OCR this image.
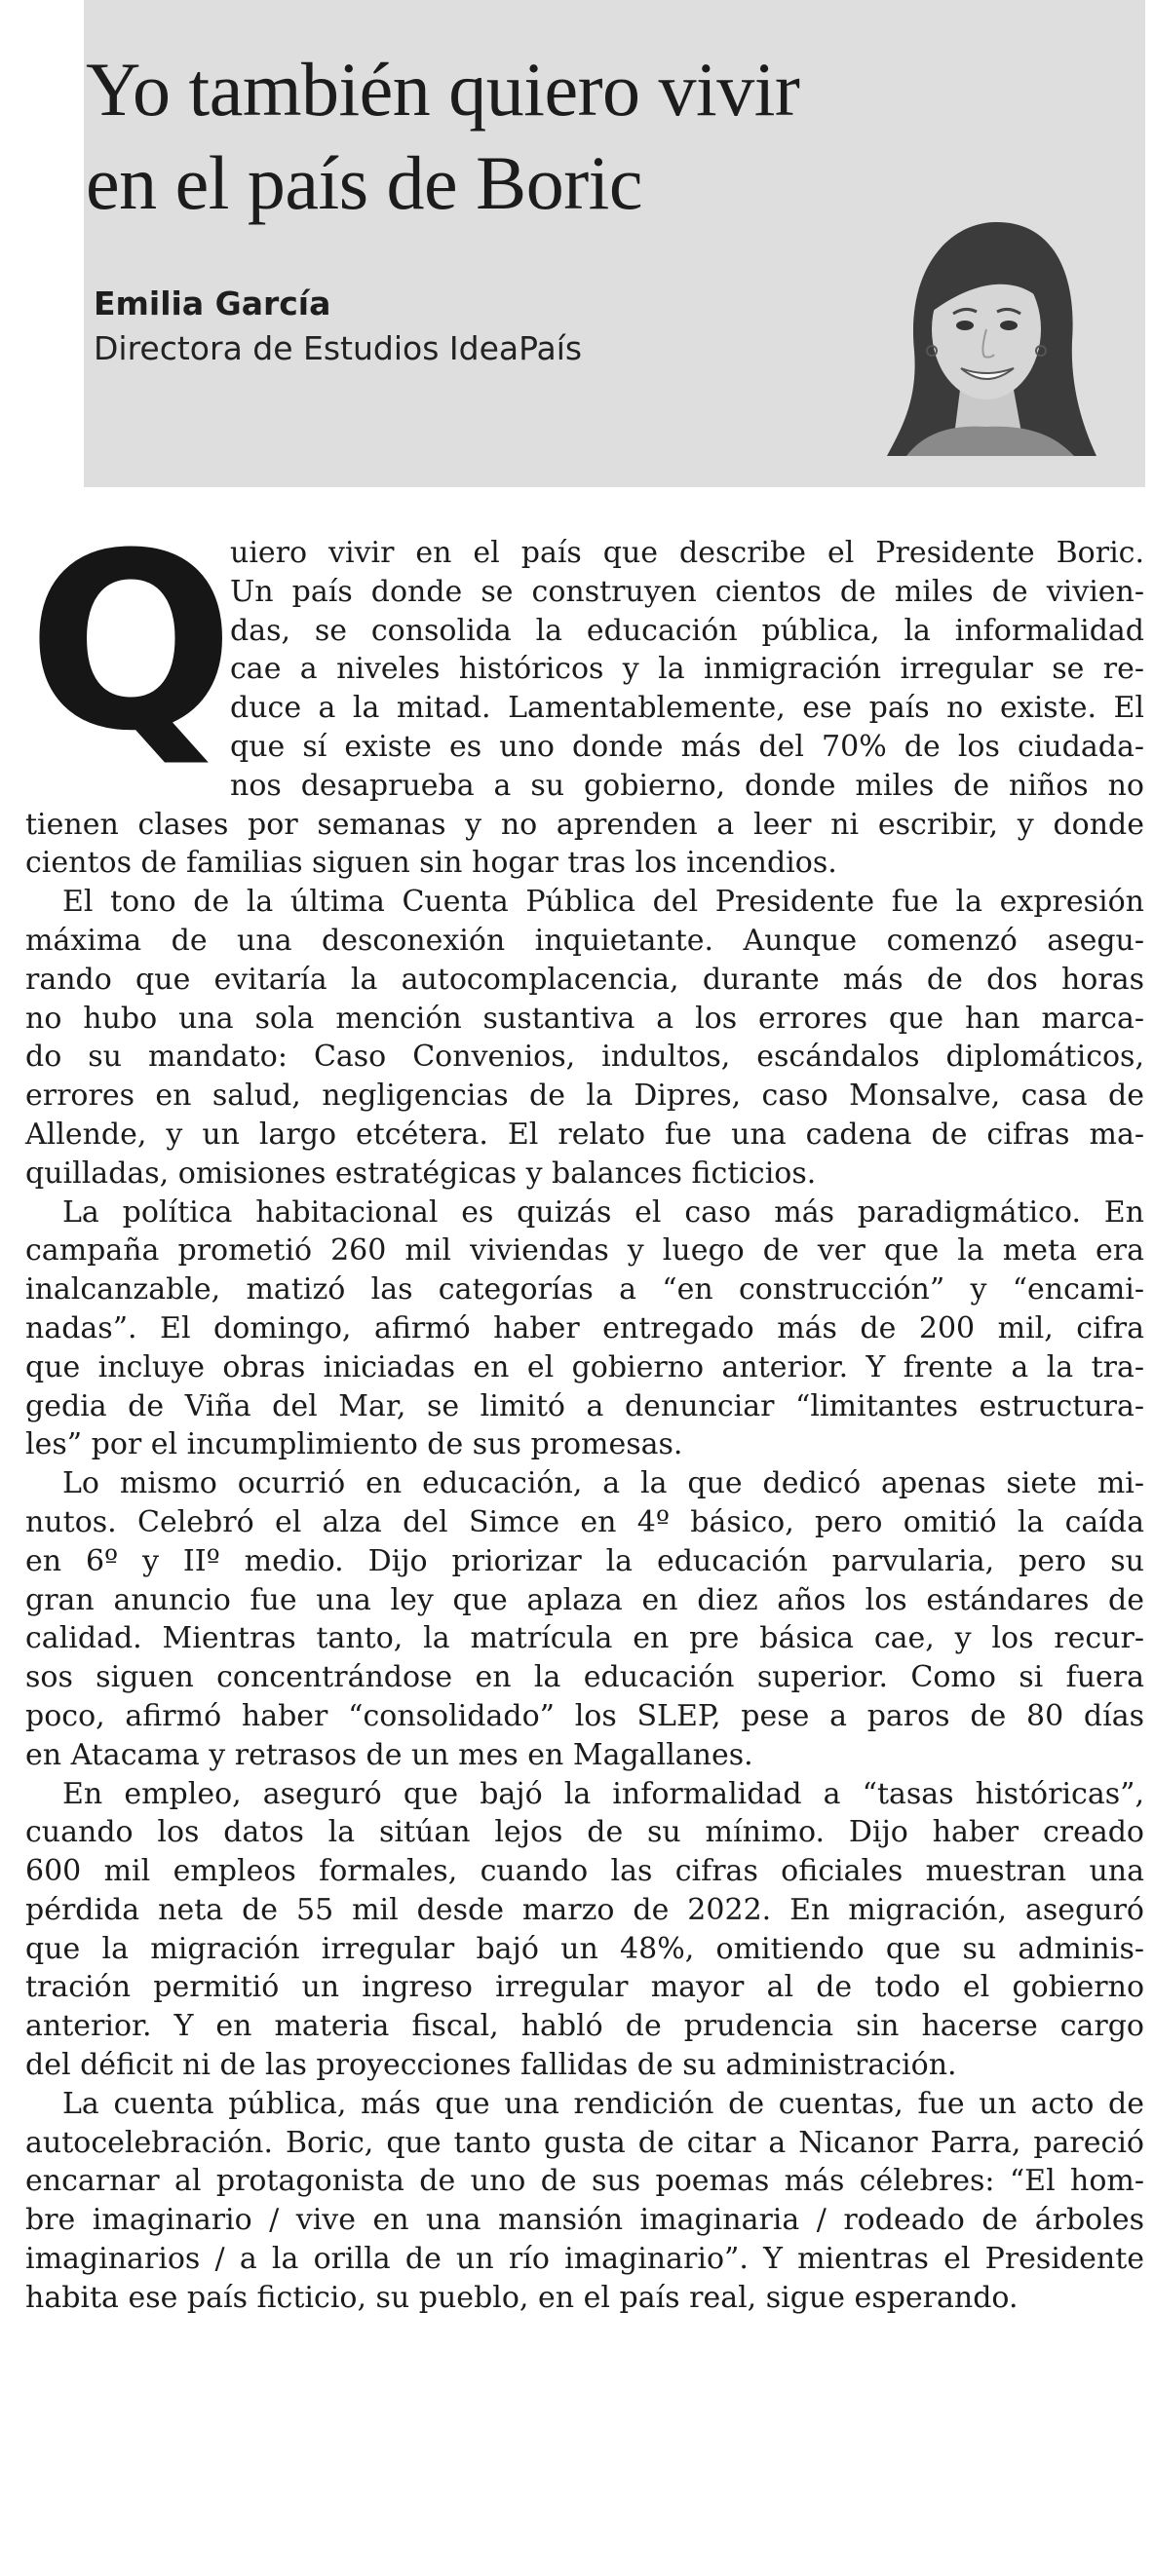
Yo también quiero vivir
en el país de Boric
Emilia García
Directora de Estudios IdeaPaís
Q
uiero vivir en el país que describe el Presidente Boric.
Un país donde se construyen cientos de miles de vivien-
das, se consolida la educación pública, la informalidad
cae a niveles históricos y la inmigración irregular se re-
duce a la mitad. Lamentablemente, ese país no existe. El
que sí existe es uno donde más del 70% de los ciudada-
nos desaprueba a su gobierno, donde miles de niños no
tienen clases por semanas y no aprenden a leer ni escribir, y donde
cientos de familias siguen sin hogar tras los incendios.
El tono de la última Cuenta Pública del Presidente fue la expresión
máxima de una desconexión inquietante. Aunque comenzó asegu-
rando que evitaría la autocomplacencia, durante más de dos horas
no hubo una sola mención sustantiva a los errores que han marca-
do su mandato: Caso Convenios, indultos, escándalos diplomáticos,
errores en salud, negligencias de la Dipres, caso Monsalve, casa de
Allende, y un largo etcétera. El relato fue una cadena de cifras ma-
quilladas, omisiones estratégicas y balances ficticios.
La política habitacional es quizás el caso más paradigmático. En
campaña prometió 260 mil viviendas y luego de ver que la meta era
inalcanzable, matizó las categorías a “en construcción” y “encami-
nadas”. El domingo, afirmó haber entregado más de 200 mil, cifra
que incluye obras iniciadas en el gobierno anterior. Y frente a la tra-
gedia de Viña del Mar, se limitó a denunciar “limitantes estructura-
les” por el incumplimiento de sus promesas.
Lo mismo ocurrió en educación, a la que dedicó apenas siete mi-
nutos. Celebró el alza del Simce en 4º básico, pero omitió la caída
en 6º y IIº medio. Dijo priorizar la educación parvularia, pero su
gran anuncio fue una ley que aplaza en diez años los estándares de
calidad. Mientras tanto, la matrícula en pre básica cae, y los recur-
sos siguen concentrándose en la educación superior. Como si fuera
poco, afirmó haber “consolidado” los SLEP, pese a paros de 80 días
en Atacama y retrasos de un mes en Magallanes.
En empleo, aseguró que bajó la informalidad a “tasas históricas”,
cuando los datos la sitúan lejos de su mínimo. Dijo haber creado
600 mil empleos formales, cuando las cifras oficiales muestran una
pérdida neta de 55 mil desde marzo de 2022. En migración, aseguró
que la migración irregular bajó un 48%, omitiendo que su adminis-
tración permitió un ingreso irregular mayor al de todo el gobierno
anterior. Y en materia fiscal, habló de prudencia sin hacerse cargo
del déficit ni de las proyecciones fallidas de su administración.
La cuenta pública, más que una rendición de cuentas, fue un acto de
autocelebración. Boric, que tanto gusta de citar a Nicanor Parra, pareció
encarnar al protagonista de uno de sus poemas más célebres: “El hom-
bre imaginario / vive en una mansión imaginaria / rodeado de árboles
imaginarios / a la orilla de un río imaginario”. Y mientras el Presidente
habita ese país ficticio, su pueblo, en el país real, sigue esperando.
